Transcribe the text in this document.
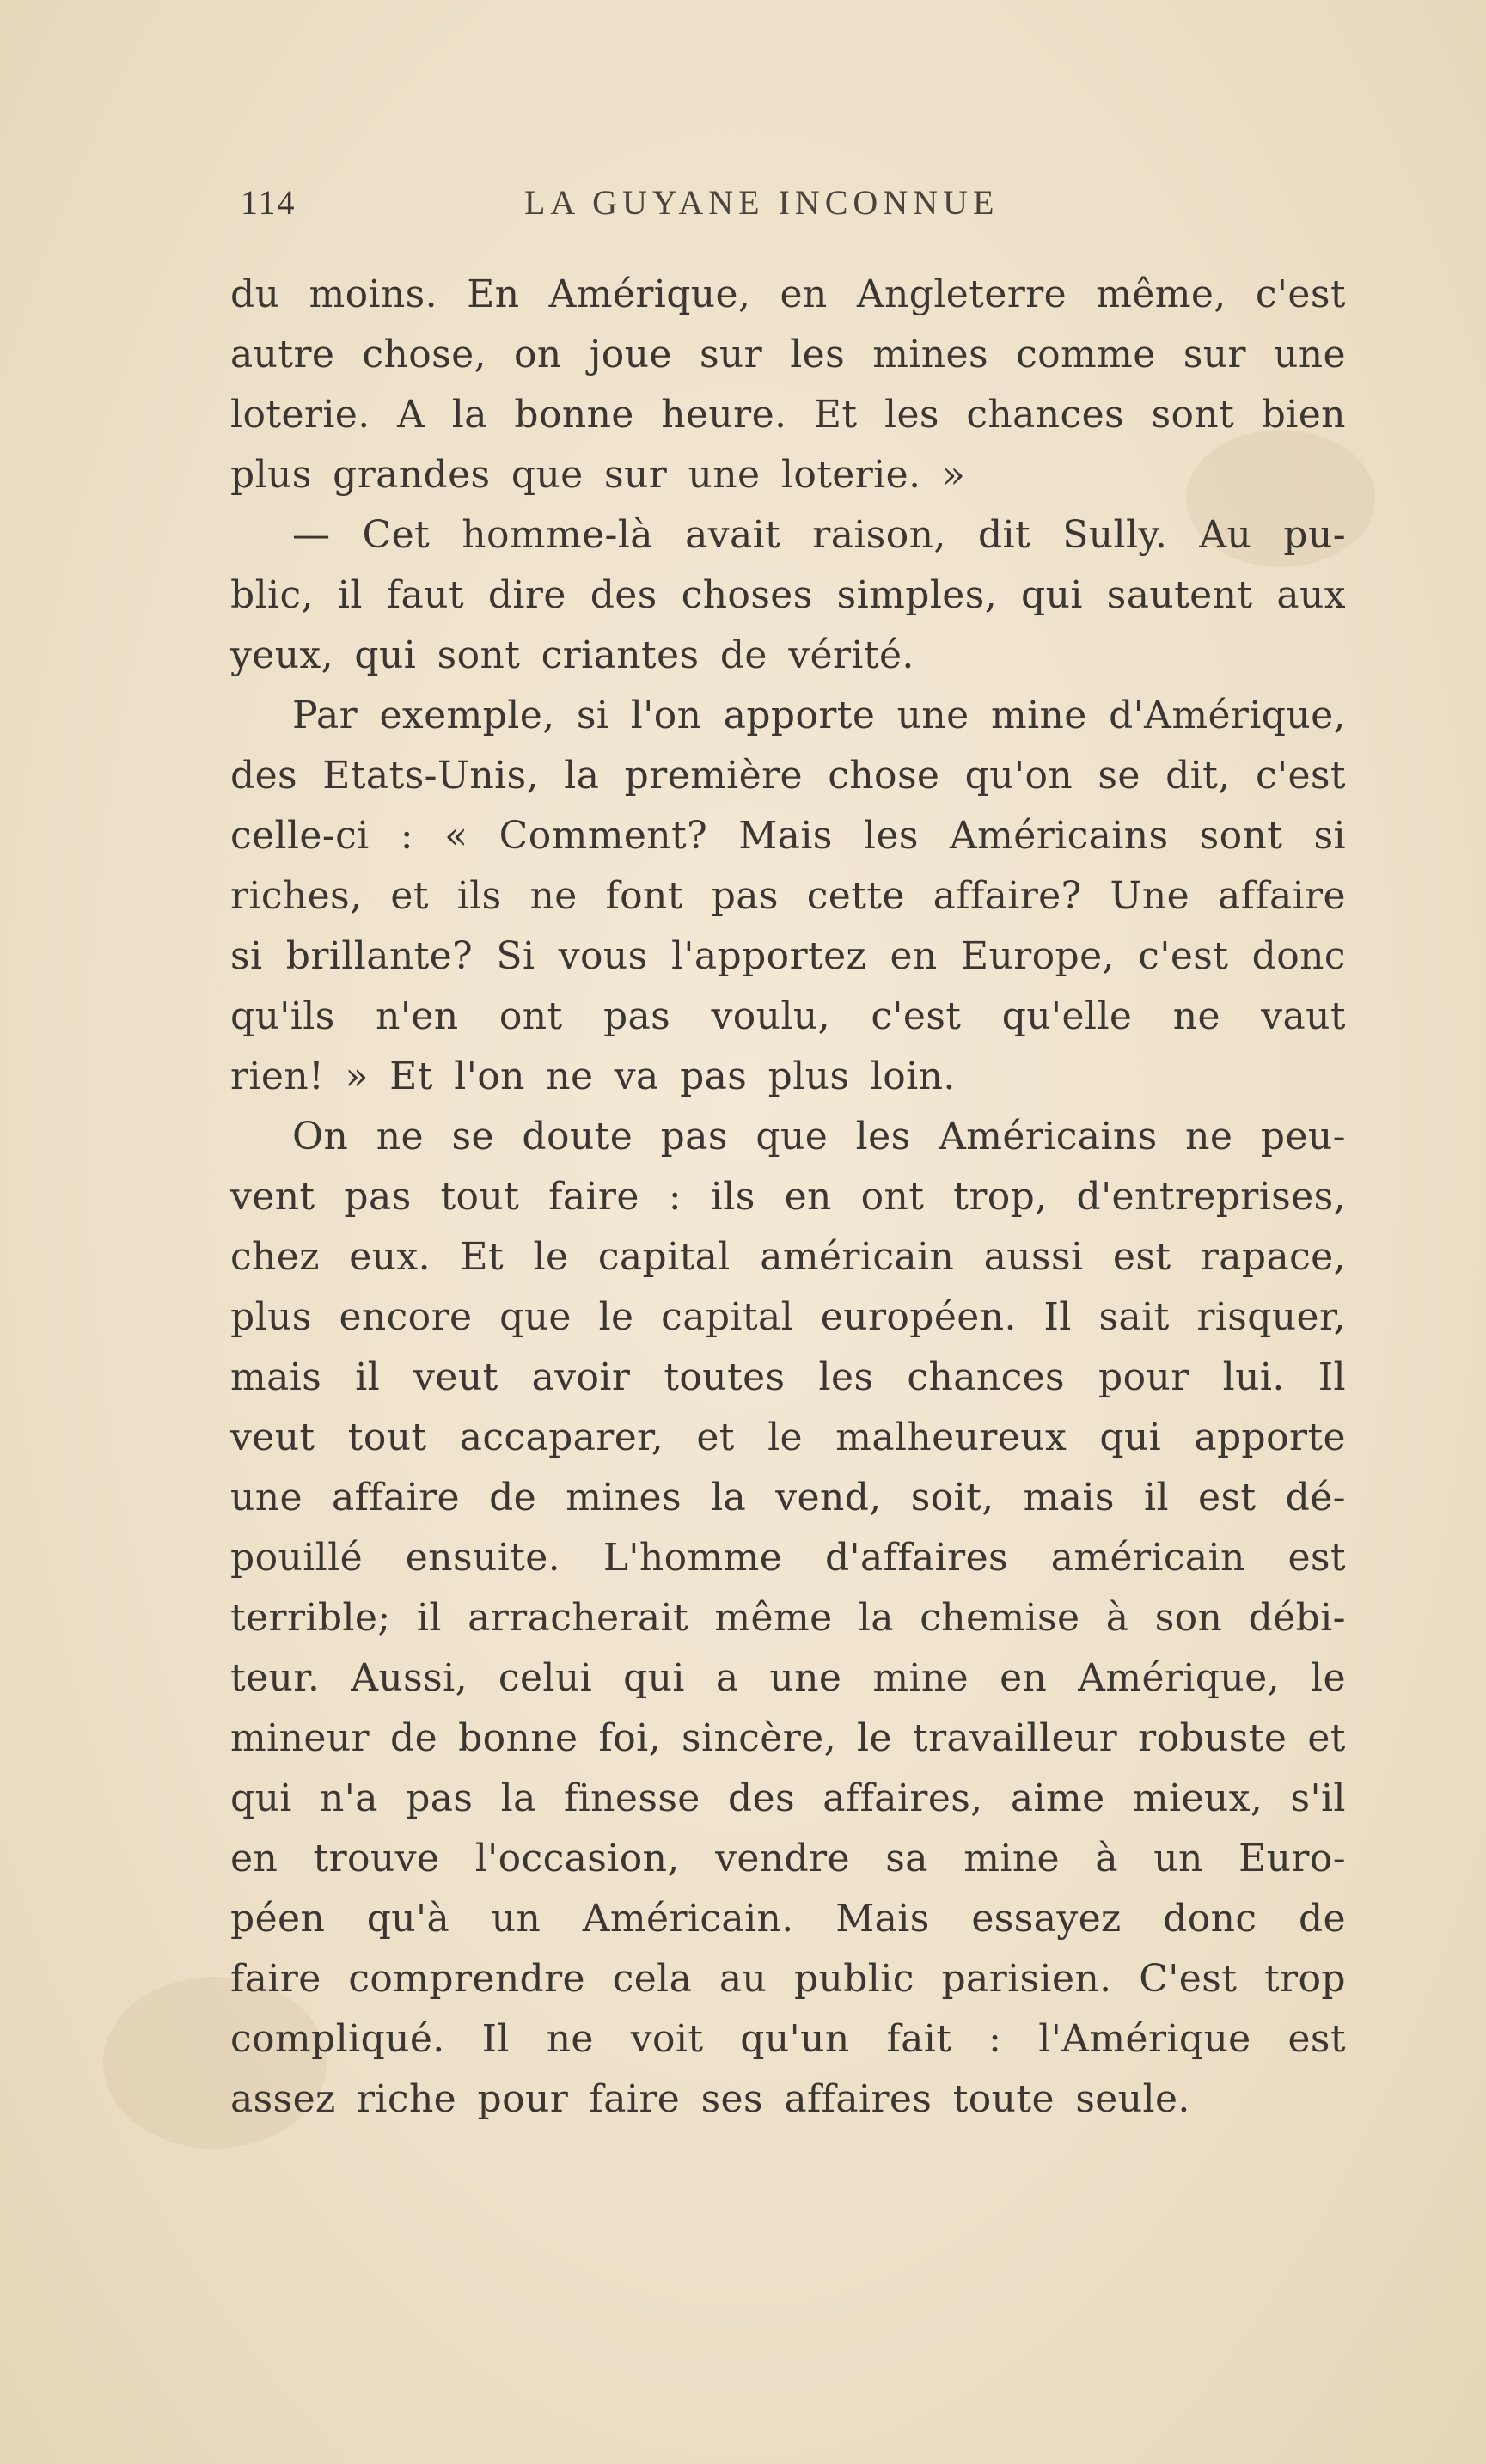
114	LA GUYANE INCONNUE
du moins. En Amérique, en Angleterre même, c'est
autre chose, on joue sur les mines comme sur une
loterie. A la bonne heure. Et les chances sont bien
plus grandes que sur une loterie. »
— Cet homme-là avait raison, dit Sully. Au pu-
blic, il faut dire des choses simples, qui sautent aux
yeux, qui sont criantes de vérité.
Par exemple, si l'on apporte une mine d'Amérique,
des Etats-Unis, la première chose qu'on se dit, c'est
celle-ci : « Comment? Mais les Américains sont si
riches, et ils ne font pas cette affaire? Une affaire
si brillante? Si vous l'apportez en Europe, c'est donc
qu'ils n'en ont pas voulu, c'est qu'elle ne vaut
rien! » Et l'on ne va pas plus loin.
On ne se doute pas que les Américains ne peu-
vent pas tout faire : ils en ont trop, d'entreprises,
chez eux. Et le capital américain aussi est rapace,
plus encore que le capital européen. Il sait risquer,
mais il veut avoir toutes les chances pour lui. Il
veut tout accaparer, et le malheureux qui apporte
une affaire de mines la vend, soit, mais il est dé-
pouillé ensuite. L'homme d'affaires américain est
terrible; il arracherait même la chemise à son débi-
teur. Aussi, celui qui a une mine en Amérique, le
mineur de bonne foi, sincère, le travailleur robuste et
qui n'a pas la finesse des affaires, aime mieux, s'il
en trouve l'occasion, vendre sa mine à un Euro-
péen qu'à un Américain. Mais essayez donc de
faire comprendre cela au public parisien. C'est trop
compliqué. Il ne voit qu'un fait : l'Amérique est
assez riche pour faire ses affaires toute seule.
